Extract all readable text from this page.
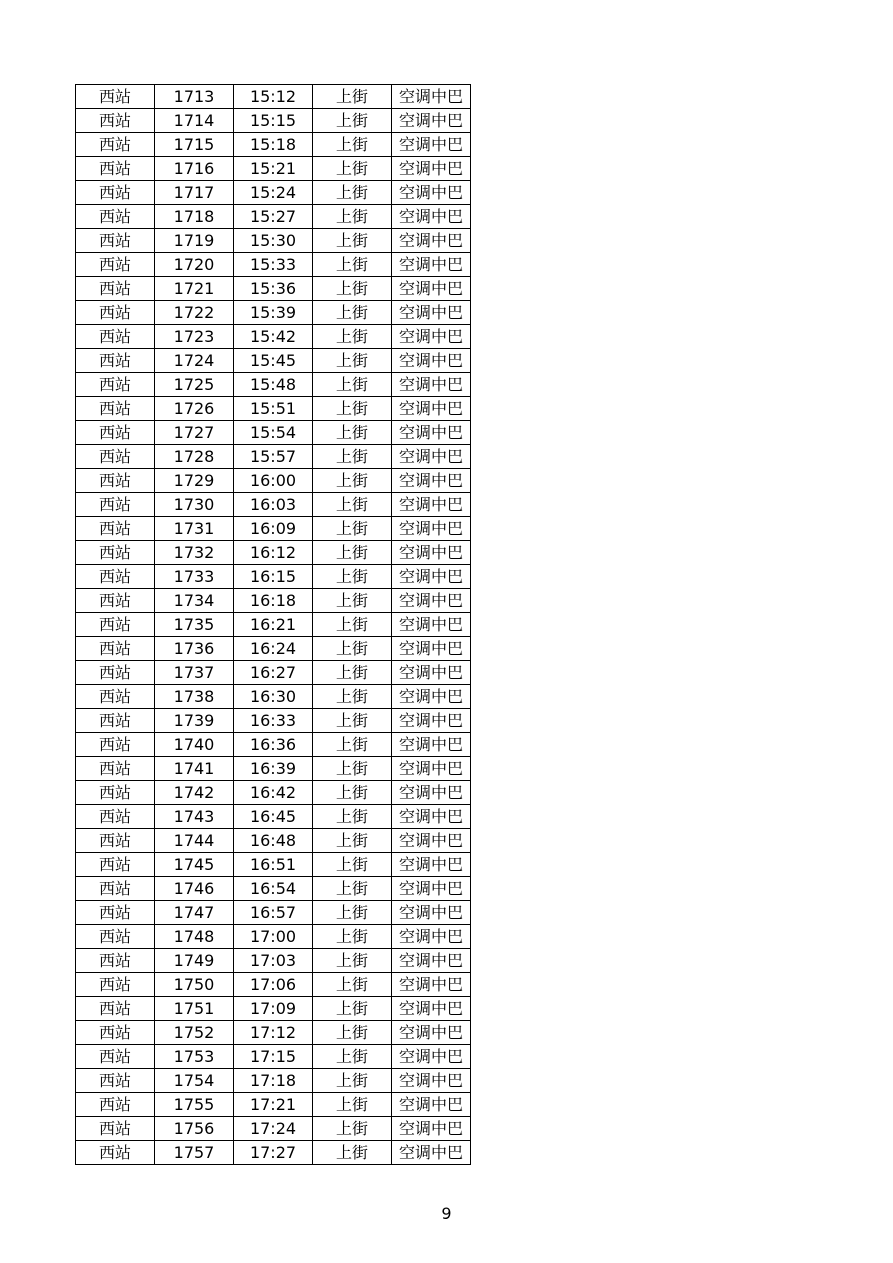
西站	1713	15:12	上街	空调中巴
西站	1714	15:15	上街	空调中巴
西站	1715	15:18	上街	空调中巴
西站	1716	15:21	上街	空调中巴
西站	1717	15:24	上街	空调中巴
西站	1718	15:27	上街	空调中巴
西站	1719	15:30	上街	空调中巴
西站	1720	15:33	上街	空调中巴
西站	1721	15:36	上街	空调中巴
西站	1722	15:39	上街	空调中巴
西站	1723	15:42	上街	空调中巴
西站	1724	15:45	上街	空调中巴
西站	1725	15:48	上街	空调中巴
西站	1726	15:51	上街	空调中巴
西站	1727	15:54	上街	空调中巴
西站	1728	15:57	上街	空调中巴
西站	1729	16:00	上街	空调中巴
西站	1730	16:03	上街	空调中巴
西站	1731	16:09	上街	空调中巴
西站	1732	16:12	上街	空调中巴
西站	1733	16:15	上街	空调中巴
西站	1734	16:18	上街	空调中巴
西站	1735	16:21	上街	空调中巴
西站	1736	16:24	上街	空调中巴
西站	1737	16:27	上街	空调中巴
西站	1738	16:30	上街	空调中巴
西站	1739	16:33	上街	空调中巴
西站	1740	16:36	上街	空调中巴
西站	1741	16:39	上街	空调中巴
西站	1742	16:42	上街	空调中巴
西站	1743	16:45	上街	空调中巴
西站	1744	16:48	上街	空调中巴
西站	1745	16:51	上街	空调中巴
西站	1746	16:54	上街	空调中巴
西站	1747	16:57	上街	空调中巴
西站	1748	17:00	上街	空调中巴
西站	1749	17:03	上街	空调中巴
西站	1750	17:06	上街	空调中巴
西站	1751	17:09	上街	空调中巴
西站	1752	17:12	上街	空调中巴
西站	1753	17:15	上街	空调中巴
西站	1754	17:18	上街	空调中巴
西站	1755	17:21	上街	空调中巴
西站	1756	17:24	上街	空调中巴
西站	1757	17:27	上街	空调中巴
9
